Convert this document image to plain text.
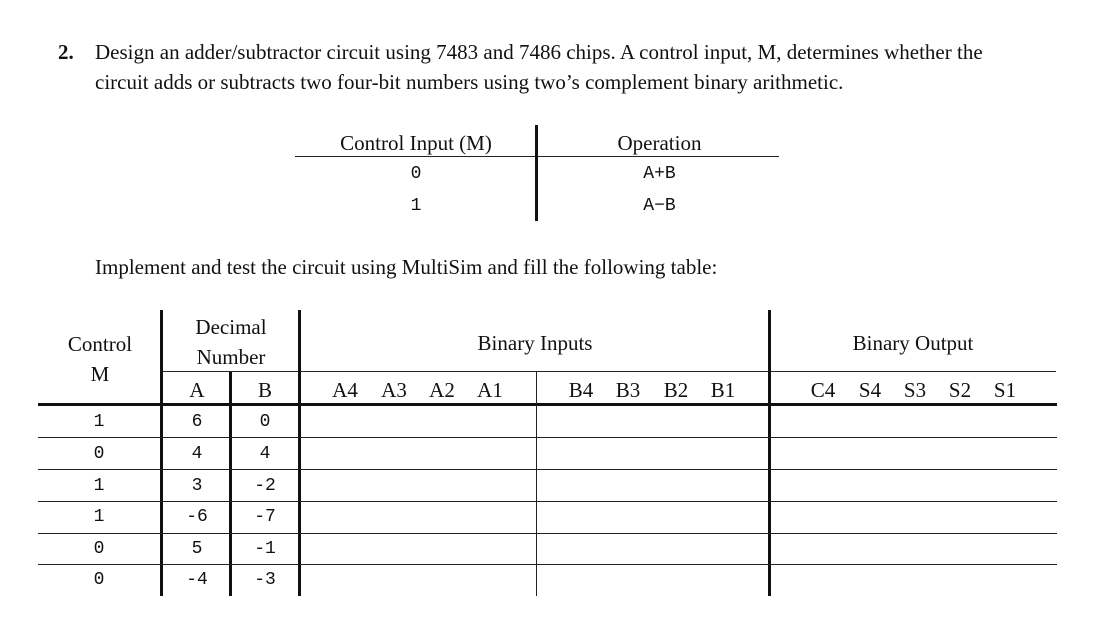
2. Design an adder/subtractor circuit using 7483 and 7486 chips. A control input, M, determines whether the
circuit adds or subtracts two four-bit numbers using two’s complement binary arithmetic.
Control Input (M)	Operation
0	A+B
1	A−B
Implement and test the circuit using MultiSim and fill the following table:
Control
M
Decimal
Number
Binary Inputs	Binary Output
A	B	A4	A3	A2	A1	B4	B3	B2	B1	C4	S4	S3	S2	S1
1	6	0
0	4	4
1	3	-2
1	-6	-7
0	5	-1
0	-4	-3
